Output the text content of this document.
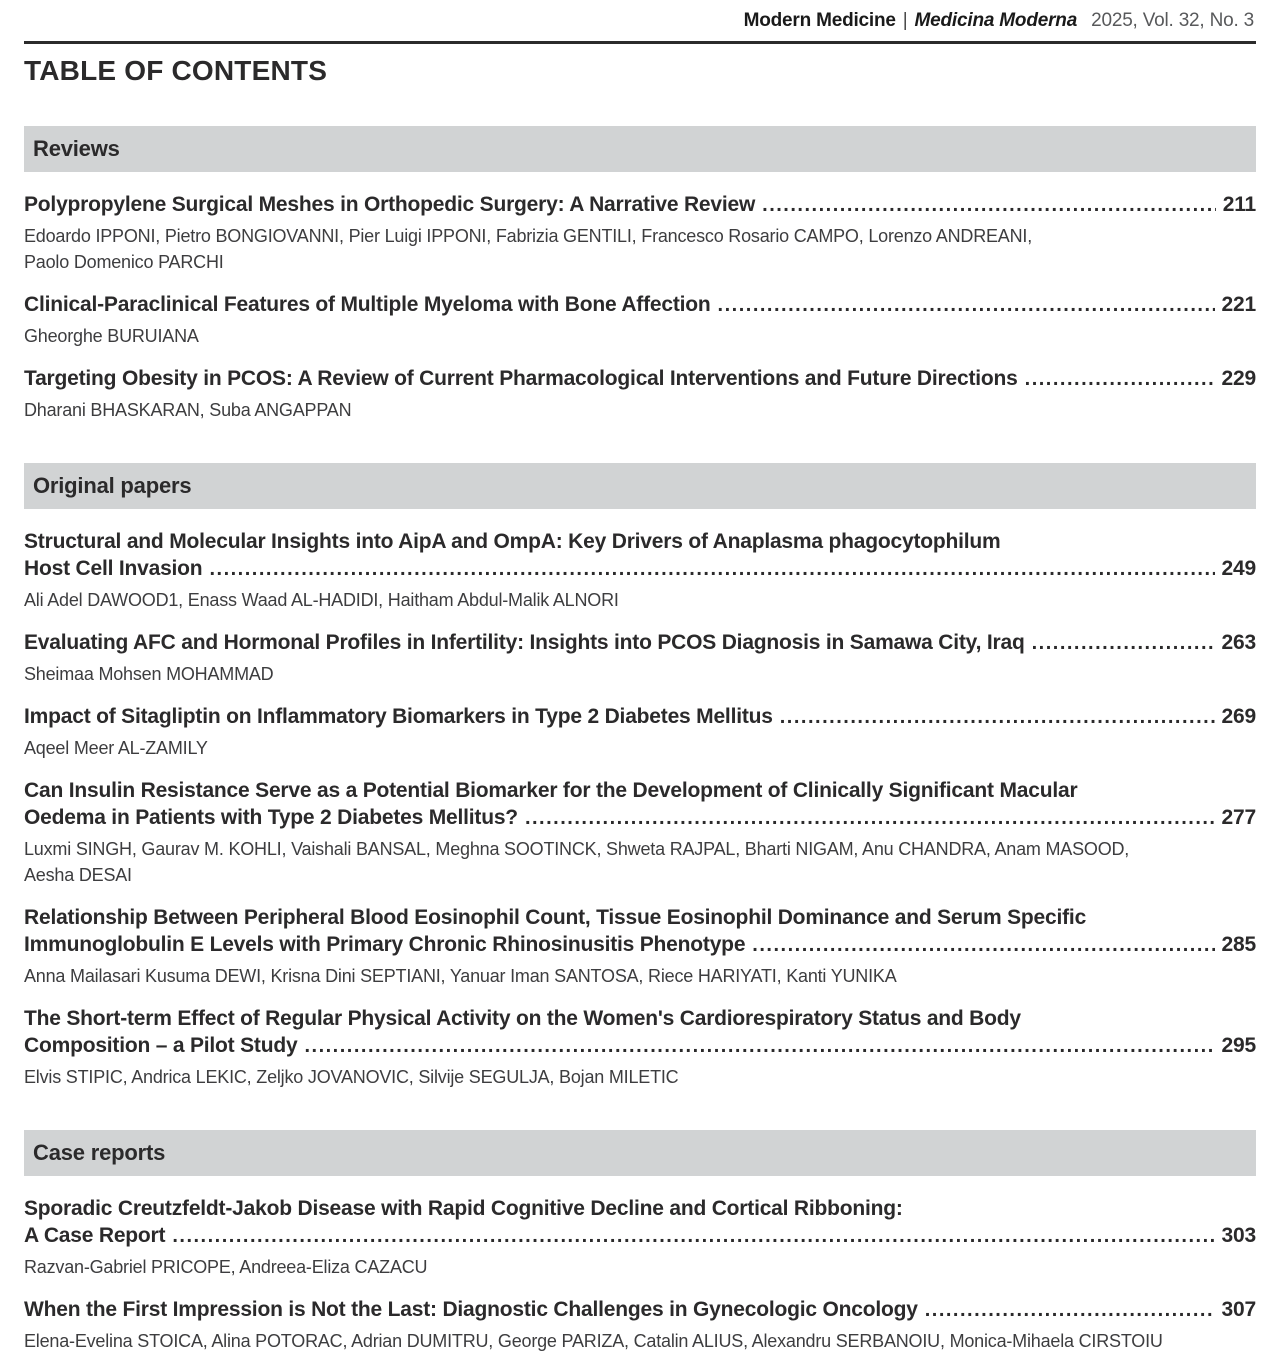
Modern Medicine | Medicina Moderna 2025, Vol. 32, No. 3
TABLE OF CONTENTS
Reviews
Polypropylene Surgical Meshes in Orthopedic Surgery: A Narrative Review .....	211
Edoardo IPPONI, Pietro BONGIOVANNI, Pier Luigi IPPONI, Fabrizia GENTILI, Francesco Rosario CAMPO, Lorenzo ANDREANI,
Paolo Domenico PARCHI
Clinical-Paraclinical Features of Multiple Myeloma with Bone Affection .....	221
Gheorghe BURUIANA
Targeting Obesity in PCOS: A Review of Current Pharmacological Interventions and Future Directions .....	229
Dharani BHASKARAN, Suba ANGAPPAN
Original papers
Structural and Molecular Insights into AipA and OmpA: Key Drivers of Anaplasma phagocytophilum
Host Cell Invasion .....	249
Ali Adel DAWOOD1, Enass Waad AL-HADIDI, Haitham Abdul-Malik ALNORI
Evaluating AFC and Hormonal Profiles in Infertility: Insights into PCOS Diagnosis in Samawa City, Iraq .....	263
Sheimaa Mohsen MOHAMMAD
Impact of Sitagliptin on Inflammatory Biomarkers in Type 2 Diabetes Mellitus .....	269
Aqeel Meer AL-ZAMILY
Can Insulin Resistance Serve as a Potential Biomarker for the Development of Clinically Significant Macular
Oedema in Patients with Type 2 Diabetes Mellitus? .....	277
Luxmi SINGH, Gaurav M. KOHLI, Vaishali BANSAL, Meghna SOOTINCK, Shweta RAJPAL, Bharti NIGAM, Anu CHANDRA, Anam MASOOD,
Aesha DESAI
Relationship Between Peripheral Blood Eosinophil Count, Tissue Eosinophil Dominance and Serum Specific
Immunoglobulin E Levels with Primary Chronic Rhinosinusitis Phenotype .....	285
Anna Mailasari Kusuma DEWI, Krisna Dini SEPTIANI, Yanuar Iman SANTOSA, Riece HARIYATI, Kanti YUNIKA
The Short-term Effect of Regular Physical Activity on the Women's Cardiorespiratory Status and Body
Composition – a Pilot Study .....	295
Elvis STIPIC, Andrica LEKIC, Zeljko JOVANOVIC, Silvije SEGULJA, Bojan MILETIC
Case reports
Sporadic Creutzfeldt-Jakob Disease with Rapid Cognitive Decline and Cortical Ribboning:
A Case Report .....	303
Razvan-Gabriel PRICOPE, Andreea-Eliza CAZACU
When the First Impression is Not the Last: Diagnostic Challenges in Gynecologic Oncology .....	307
Elena-Evelina STOICA, Alina POTORAC, Adrian DUMITRU, George PARIZA, Catalin ALIUS, Alexandru SERBANOIU, Monica-Mihaela CIRSTOIU
